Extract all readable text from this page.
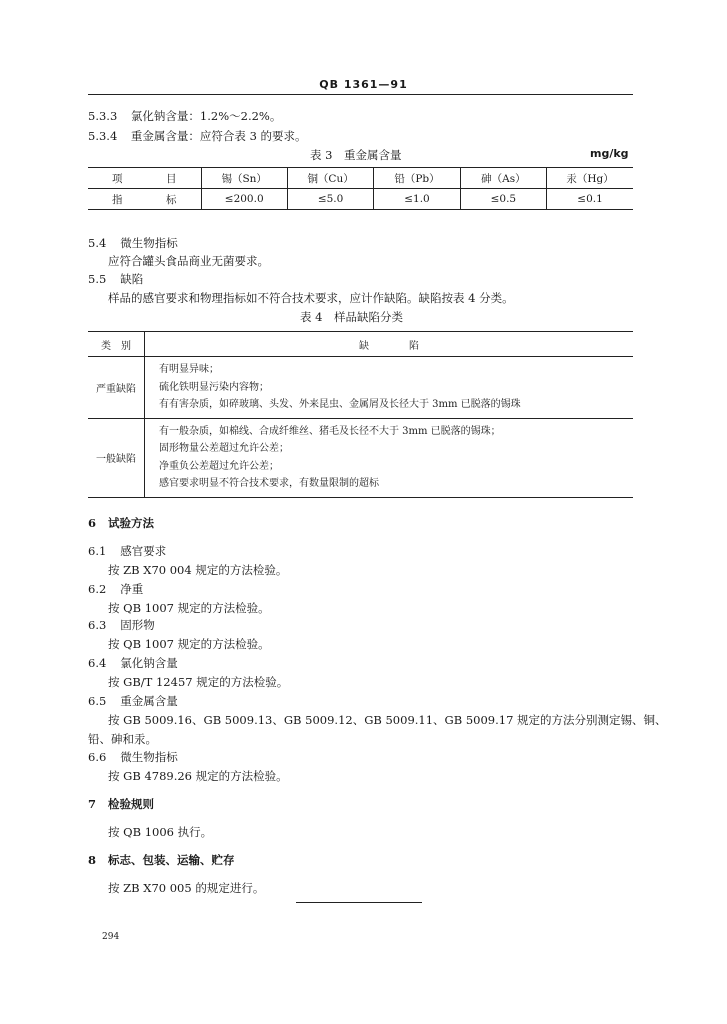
QB 1361—91
5.3.3 氯化钠含量：1.2%～2.2%。
5.3.4 重金属含量：应符合表 3 的要求。
表 3　重金属含量	mg/kg
项 目	锡（Sn）	铜（Cu）	铅（Pb）	砷（As）	汞（Hg）

指 标	≤200.0	≤5.0	≤1.0	≤0.5	≤0.1
5.4 微生物指标
应符合罐头食品商业无菌要求。
5.5 缺陷
样品的感官要求和物理指标如不符合技术要求，应计作缺陷。缺陷按表 4 分类。
表 4　样品缺陷分类
类　别	缺　　　　陷
严重缺陷	有明显异味；
硫化铁明显污染内容物；
有有害杂质，如碎玻璃、头发、外来昆虫、金属屑及长径大于 3mm 已脱落的锡珠

一般缺陷	有一般杂质，如棉线、合成纤维丝、猪毛及长径不大于 3mm 已脱落的锡珠；
固形物量公差超过允许公差；
净重负公差超过允许公差；
感官要求明显不符合技术要求，有数量限制的超标
6 试验方法
6.1 感官要求
按 ZB X70 004 规定的方法检验。
6.2 净重
按 QB 1007 规定的方法检验。
6.3 固形物
按 QB 1007 规定的方法检验。
6.4 氯化钠含量
按 GB/T 12457 规定的方法检验。
6.5 重金属含量
按 GB 5009.16、GB 5009.13、GB 5009.12、GB 5009.11、GB 5009.17 规定的方法分别测定锡、铜、
铅、砷和汞。
6.6 微生物指标
按 GB 4789.26 规定的方法检验。
7 检验规则
按 QB 1006 执行。
8 标志、包装、运输、贮存
按 ZB X70 005 的规定进行。
294
